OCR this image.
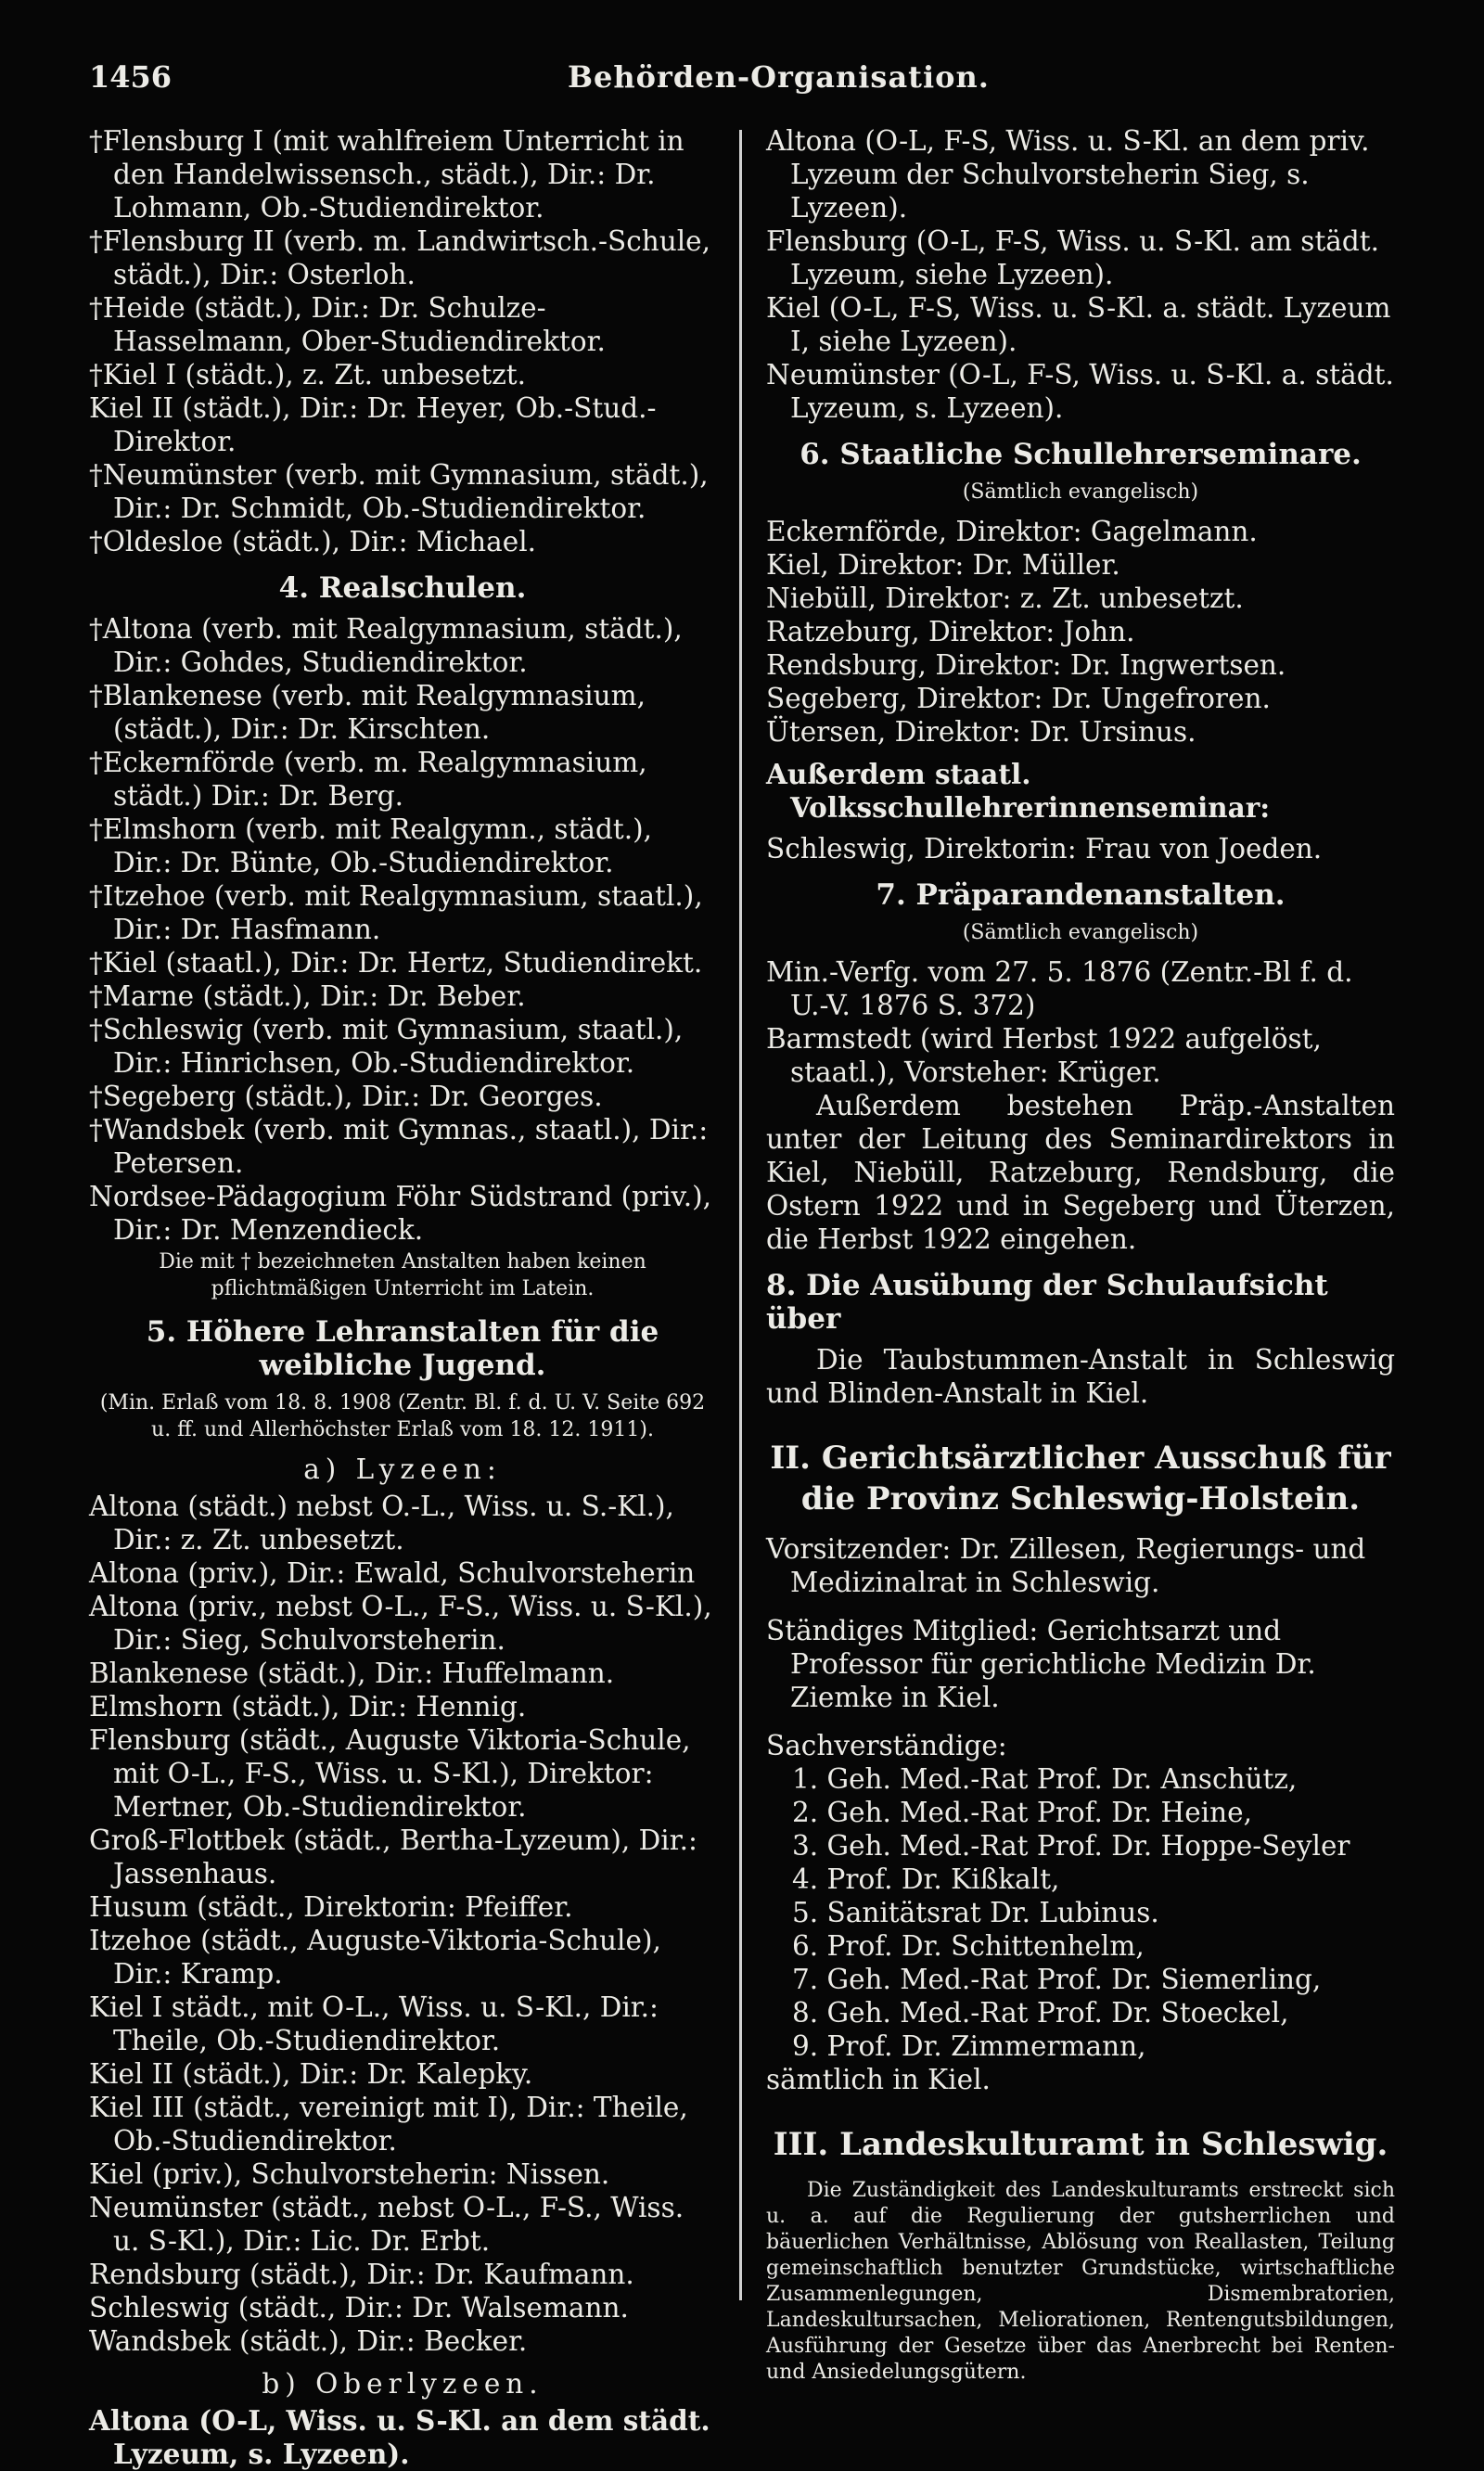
1456	Behörden-Organisation.
†Flensburg I (mit wahlfreiem Unterricht in den Handelwissensch., städt.), Dir.: Dr. Lohmann, Ob.-Studiendirektor.
†Flensburg II (verb. m. Landwirtsch.-Schule, städt.), Dir.: Osterloh.
†Heide (städt.), Dir.: Dr. Schulze-Hasselmann, Ober-Studiendirektor.
†Kiel I (städt.), z. Zt. unbesetzt.
Kiel II (städt.), Dir.: Dr. Heyer, Ob.-Stud.-Direktor.
†Neumünster (verb. mit Gymnasium, städt.), Dir.: Dr. Schmidt, Ob.-Studiendirektor.
†Oldesloe (städt.), Dir.: Michael.
4. Realschulen.
†Altona (verb. mit Realgymnasium, städt.), Dir.: Gohdes, Studiendirektor.
†Blankenese (verb. mit Realgymnasium, (städt.), Dir.: Dr. Kirschten.
†Eckernförde (verb. m. Realgymnasium, städt.) Dir.: Dr. Berg.
†Elmshorn (verb. mit Realgymn., städt.), Dir.: Dr. Bünte, Ob.-Studiendirektor.
†Itzehoe (verb. mit Realgymnasium, staatl.), Dir.: Dr. Hasfmann.
†Kiel (staatl.), Dir.: Dr. Hertz, Studiendirekt.
†Marne (städt.), Dir.: Dr. Beber.
†Schleswig (verb. mit Gymnasium, staatl.), Dir.: Hinrichsen, Ob.-Studiendirektor.
†Segeberg (städt.), Dir.: Dr. Georges.
†Wandsbek (verb. mit Gymnas., staatl.), Dir.: Petersen.
Nordsee-Pädagogium Föhr Südstrand (priv.), Dir.: Dr. Menzendieck.
Die mit † bezeichneten Anstalten haben keinen pflichtmäßigen Unterricht im Latein.
5. Höhere Lehranstalten für die weibliche Jugend.
(Min. Erlaß vom 18. 8. 1908 (Zentr. Bl. f. d. U. V. Seite 692 u. ff. und Allerhöchster Erlaß vom 18. 12. 1911).
a) Lyzeen:
Altona (städt.) nebst O.-L., Wiss. u. S.-Kl.), Dir.: z. Zt. unbesetzt.
Altona (priv.), Dir.: Ewald, Schulvorsteherin
Altona (priv., nebst O-L., F-S., Wiss. u. S-Kl.), Dir.: Sieg, Schulvorsteherin.
Blankenese (städt.), Dir.: Huffelmann.
Elmshorn (städt.), Dir.: Hennig.
Flensburg (städt., Auguste Viktoria-Schule, mit O-L., F-S., Wiss. u. S-Kl.), Direktor: Mertner, Ob.-Studiendirektor.
Groß-Flottbek (städt., Bertha-Lyzeum), Dir.: Jassenhaus.
Husum (städt., Direktorin: Pfeiffer.
Itzehoe (städt., Auguste-Viktoria-Schule), Dir.: Kramp.
Kiel I städt., mit O-L., Wiss. u. S-Kl., Dir.: Theile, Ob.-Studiendirektor.
Kiel II (städt.), Dir.: Dr. Kalepky.
Kiel III (städt., vereinigt mit I), Dir.: Theile, Ob.-Studiendirektor.
Kiel (priv.), Schulvorsteherin: Nissen.
Neumünster (städt., nebst O-L., F-S., Wiss. u. S-Kl.), Dir.: Lic. Dr. Erbt.
Rendsburg (städt.), Dir.: Dr. Kaufmann.
Schleswig (städt., Dir.: Dr. Walsemann.
Wandsbek (städt.), Dir.: Becker.
b) Oberlyzeen.
Altona (O-L, Wiss. u. S-Kl. an dem städt. Lyzeum, s. Lyzeen).
Altona (O-L, F-S, Wiss. u. S-Kl. an dem priv. Lyzeum der Schulvorsteherin Sieg, s. Lyzeen).
Flensburg (O-L, F-S, Wiss. u. S-Kl. am städt. Lyzeum, siehe Lyzeen).
Kiel (O-L, F-S, Wiss. u. S-Kl. a. städt. Lyzeum I, siehe Lyzeen).
Neumünster (O-L, F-S, Wiss. u. S-Kl. a. städt. Lyzeum, s. Lyzeen).
6. Staatliche Schullehrerseminare.
(Sämtlich evangelisch)
Eckernförde, Direktor: Gagelmann.
Kiel, Direktor: Dr. Müller.
Niebüll, Direktor: z. Zt. unbesetzt.
Ratzeburg, Direktor: John.
Rendsburg, Direktor: Dr. Ingwertsen.
Segeberg, Direktor: Dr. Ungefroren.
Ütersen, Direktor: Dr. Ursinus.
Außerdem staatl. Volksschullehrerinnenseminar:
Schleswig, Direktorin: Frau von Joeden.
7. Präparandenanstalten.
(Sämtlich evangelisch)
Min.-Verfg. vom 27. 5. 1876 (Zentr.-Bl f. d. U.-V. 1876 S. 372)
Barmstedt (wird Herbst 1922 aufgelöst, staatl.), Vorsteher: Krüger.
Außerdem bestehen Präp.-Anstalten unter der Leitung des Seminardirektors in Kiel, Niebüll, Ratzeburg, Rendsburg, die Ostern 1922 und in Segeberg und Üterzen, die Herbst 1922 eingehen.
8. Die Ausübung der Schulaufsicht über
Die Taubstummen-Anstalt in Schleswig und Blinden-Anstalt in Kiel.
II. Gerichtsärztlicher Ausschuß für die Provinz Schleswig-Holstein.
Vorsitzender: Dr. Zillesen, Regierungs- und Medizinalrat in Schleswig.
Ständiges Mitglied: Gerichtsarzt und Professor für gerichtliche Medizin Dr. Ziemke in Kiel.
Sachverständige:
1. Geh. Med.-Rat Prof. Dr. Anschütz,
2. Geh. Med.-Rat Prof. Dr. Heine,
3. Geh. Med.-Rat Prof. Dr. Hoppe-Seyler
4. Prof. Dr. Kißkalt,
5. Sanitätsrat Dr. Lubinus.
6. Prof. Dr. Schittenhelm,
7. Geh. Med.-Rat Prof. Dr. Siemerling,
8. Geh. Med.-Rat Prof. Dr. Stoeckel,
9. Prof. Dr. Zimmermann,
sämtlich in Kiel.
III. Landeskulturamt in Schleswig.
Die Zuständigkeit des Landeskulturamts erstreckt sich u. a. auf die Regulierung der gutsherrlichen und bäuerlichen Verhältnisse, Ablösung von Reallasten, Teilung gemeinschaftlich benutzter Grundstücke, wirtschaftliche Zusammenlegungen, Dismembratorien, Landeskultursachen, Meliorationen, Rentengutsbildungen, Ausführung der Gesetze über das Anerbrecht bei Renten- und Ansiedelungsgütern.
